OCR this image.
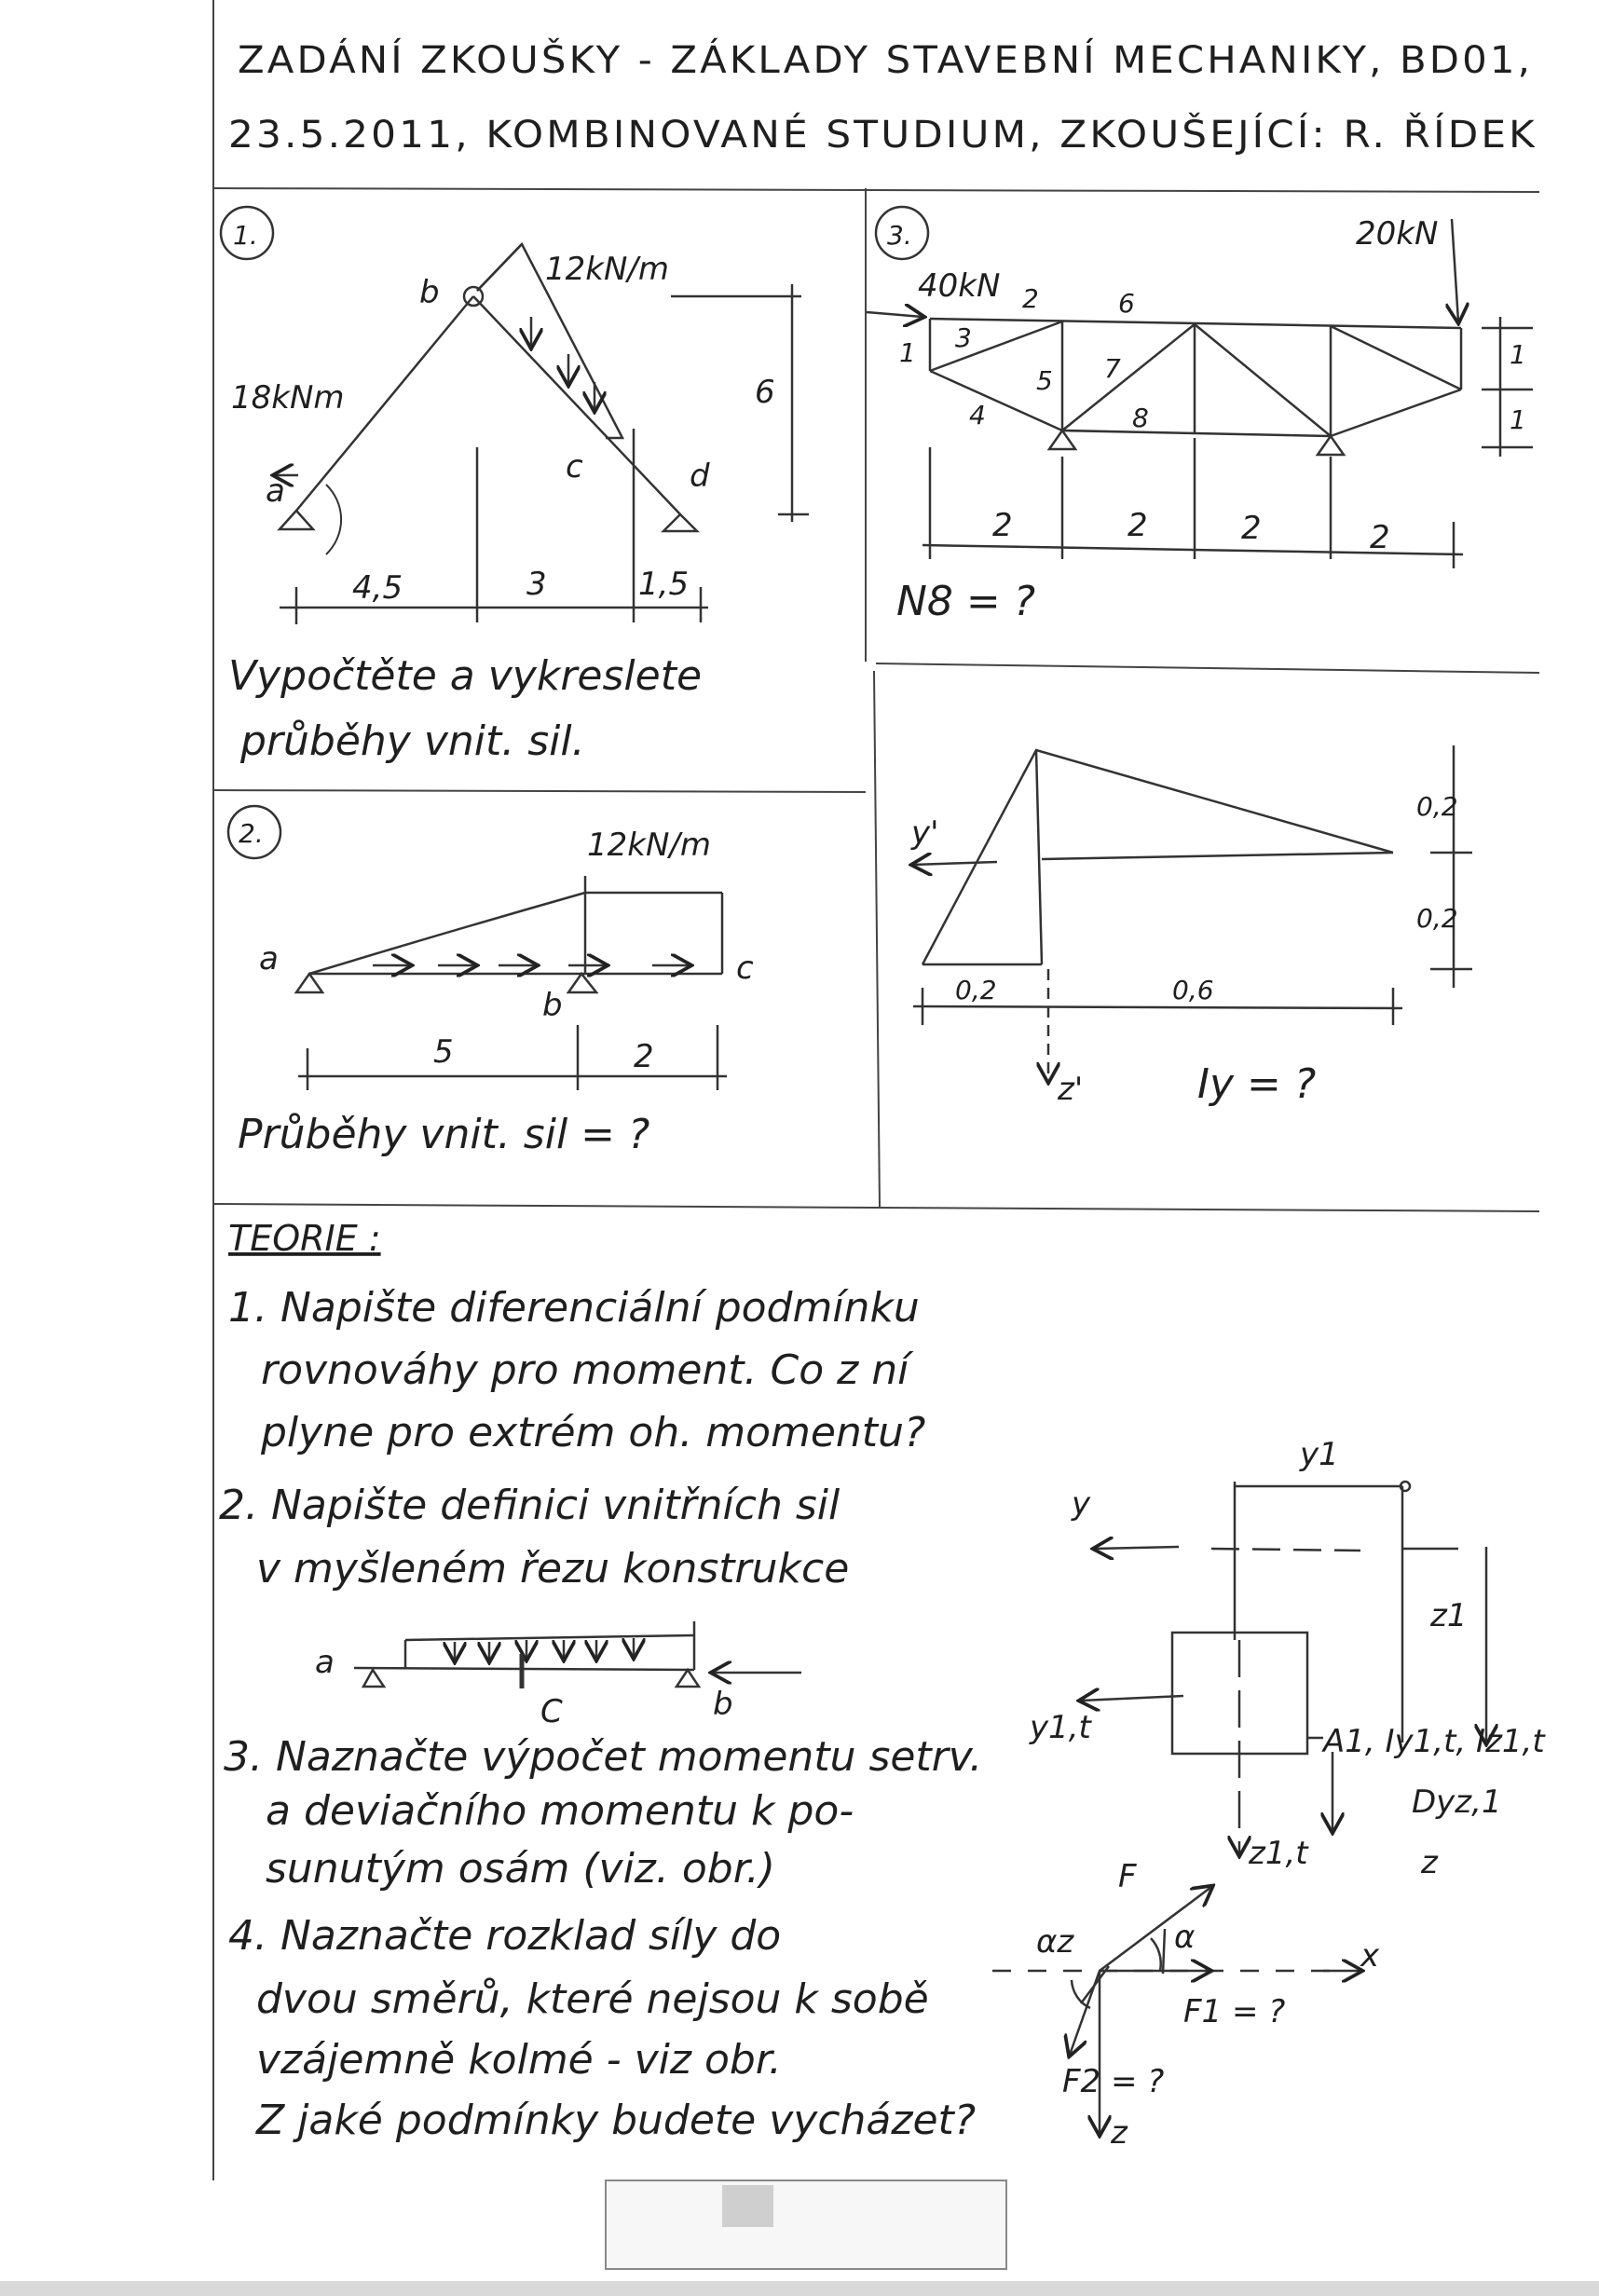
ZADÁNÍ ZKOUŠKY - ZÁKLADY STAVEBNÍ MECHANIKY, BD01,
23.5.2011, KOMBINOVANÉ STUDIUM, ZKOUŠEJÍCÍ: R. ŘÍDEK
1.
12kN/m
18kNm
b
a
c	d
6
4,5	3	1,5
Vypočtěte a vykreslete
průběhy vnit. sil.
2.	12kN/m
a
b
c
5	2
Průběhy vnit. sil = ?
3.	20kN
40kN
1
2
3
4
5
6
7
8
1
1
2	2	2	2
N8 = ?
y'
z'
0,2
0,2
0,2	0,6
Iy = ?
TEORIE :
1. Napište diferenciální podmínku
rovnováhy pro moment. Co z ní
plyne pro extrém oh. momentu?
2. Napište definici vnitřních sil
v myšleném řezu konstrukce
3. Naznačte výpočet momentu setrv.
a deviačního momentu k po-
sunutým osám (viz. obr.)
4. Naznačte rozklad síly do
dvou směrů, které nejsou k sobě
vzájemně kolmé - viz obr.
Z jaké podmínky budete vycházet?
a
C	b
y
y1
z1
y1,t	A1, Iy1,t, Iz1,t
Dyz,1
z1,t	z
F
α
αz	x
F1 = ?
F2 = ?
z
